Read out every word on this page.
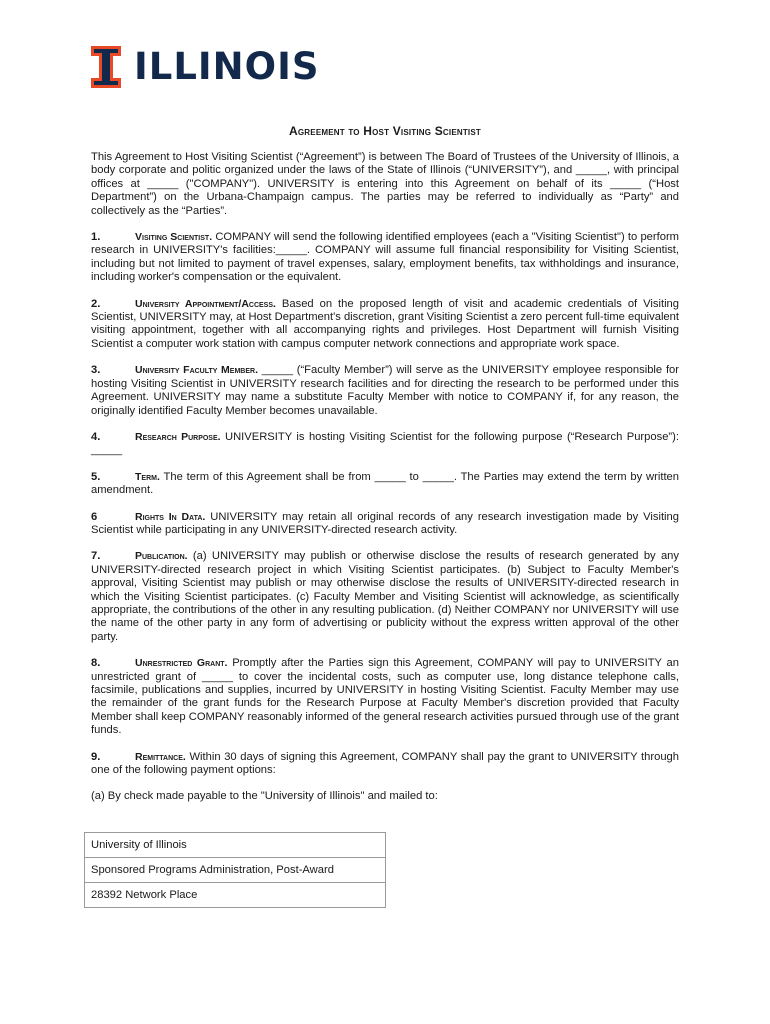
ILLINOIS
Agreement to Host Visiting Scientist

This Agreement to Host Visiting Scientist (“Agreement”) is between The Board of Trustees of the University of Illinois, a body corporate and politic organized under the laws of the State of Illinois (“UNIVERSITY”), and _____, with principal offices at _____ ("COMPANY"). UNIVERSITY is entering into this Agreement on behalf of its _____ (“Host Department”) on the Urbana-Champaign campus. The parties may be referred to individually as “Party” and collectively as the “Parties”.

1.	Visiting Scientist. COMPANY will send the following identified employees (each a "Visiting Scientist") to perform research in UNIVERSITY's facilities:_____. COMPANY will assume full financial responsibility for Visiting Scientist, including but not limited to payment of travel expenses, salary, employment benefits, tax withholdings and insurance, including worker's compensation or the equivalent.

2.	University Appointment/Access. Based on the proposed length of visit and academic credentials of Visiting Scientist, UNIVERSITY may, at Host Department's discretion, grant Visiting Scientist a zero percent full-time equivalent visiting appointment, together with all accompanying rights and privileges. Host Department will furnish Visiting Scientist a computer work station with campus computer network connections and appropriate work space.

3.	University Faculty Member. _____ (“Faculty Member”) will serve as the UNIVERSITY employee responsible for hosting Visiting Scientist in UNIVERSITY research facilities and for directing the research to be performed under this Agreement. UNIVERSITY may name a substitute Faculty Member with notice to COMPANY if, for any reason, the originally identified Faculty Member becomes unavailable.

4.	Research Purpose. UNIVERSITY is hosting Visiting Scientist for the following purpose (“Research Purpose”): _____

5.	Term. The term of this Agreement shall be from _____ to _____. The Parties may extend the term by written amendment.

6	Rights In Data. UNIVERSITY may retain all original records of any research investigation made by Visiting Scientist while participating in any UNIVERSITY-directed research activity.

7.	Publication. (a) UNIVERSITY may publish or otherwise disclose the results of research generated by any UNIVERSITY-directed research project in which Visiting Scientist participates. (b) Subject to Faculty Member's approval, Visiting Scientist may publish or may otherwise disclose the results of UNIVERSITY-directed research in which the Visiting Scientist participates. (c) Faculty Member and Visiting Scientist will acknowledge, as scientifically appropriate, the contributions of the other in any resulting publication. (d) Neither COMPANY nor UNIVERSITY will use the name of the other party in any form of advertising or publicity without the express written approval of the other party.

8.	Unrestricted Grant. Promptly after the Parties sign this Agreement, COMPANY will pay to UNIVERSITY an unrestricted grant of _____ to cover the incidental costs, such as computer use, long distance telephone calls, facsimile, publications and supplies, incurred by UNIVERSITY in hosting Visiting Scientist. Faculty Member may use the remainder of the grant funds for the Research Purpose at Faculty Member's discretion provided that Faculty Member shall keep COMPANY reasonably informed of the general research activities pursued through use of the grant funds.

9.	Remittance. Within 30 days of signing this Agreement, COMPANY shall pay the grant to UNIVERSITY through one of the following payment options:

(a) By check made payable to the "University of Illinois" and mailed to:

University of Illinois
Sponsored Programs Administration, Post-Award
28392 Network Place
